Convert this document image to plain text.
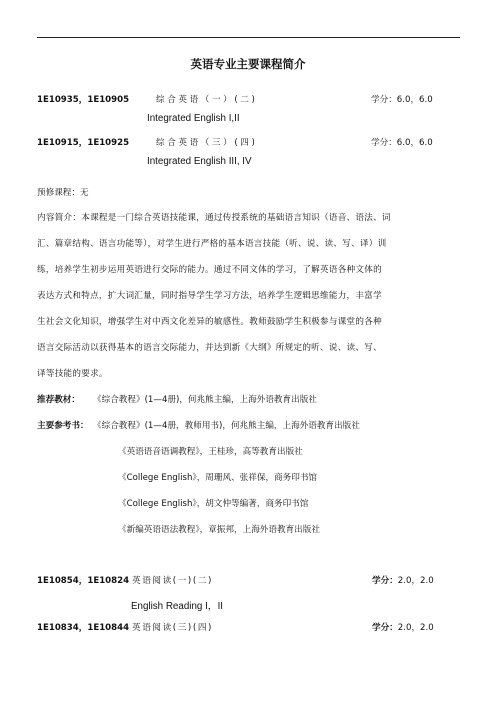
英语专业主要课程简介
1E10935，1E10905	综合英语（一）(二)	学分：6.0，6.0
Integrated English I,II
1E10915，1E10925	综合英语（三）(四)	学分：6.0，6.0
Integrated English III, IV
预修课程：无
内容简介：本课程是一门综合英语技能课，通过传授系统的基础语言知识（语音、语法、词
汇、篇章结构、语言功能等），对学生进行严格的基本语言技能（听、说、读、写、译）训
练，培养学生初步运用英语进行交际的能力。通过不同文体的学习，了解英语各种文体的
表达方式和特点，扩大词汇量，同时指导学生学习方法，培养学生逻辑思维能力，丰富学
生社会文化知识，增强学生对中西文化差异的敏感性。教师鼓励学生积极参与课堂的各种
语言交际活动以获得基本的语言交际能力，并达到新《大纲》所规定的听、说、读、写、
译等技能的要求。
推荐教材： 《综合教程》(1—4册)，何兆熊主编，上海外语教育出版社
主要参考书： 《综合教程》(1—4册，教师用书)，何兆熊主编，上海外语教育出版社
《英语语音语调教程》，王桂珍，高等教育出版社
《College English》，周珊风、张祥保，商务印书馆
《College English》，胡文仲等编著，商务印书馆
《新编英语语法教程》，章振邦，上海外语教育出版社
1E10854，1E10824 英语阅读(一)(二)	学分：2.0，2.0
English Reading I，II
1E10834，1E10844 英语阅读(三)(四)	学分：2.0，2.0
